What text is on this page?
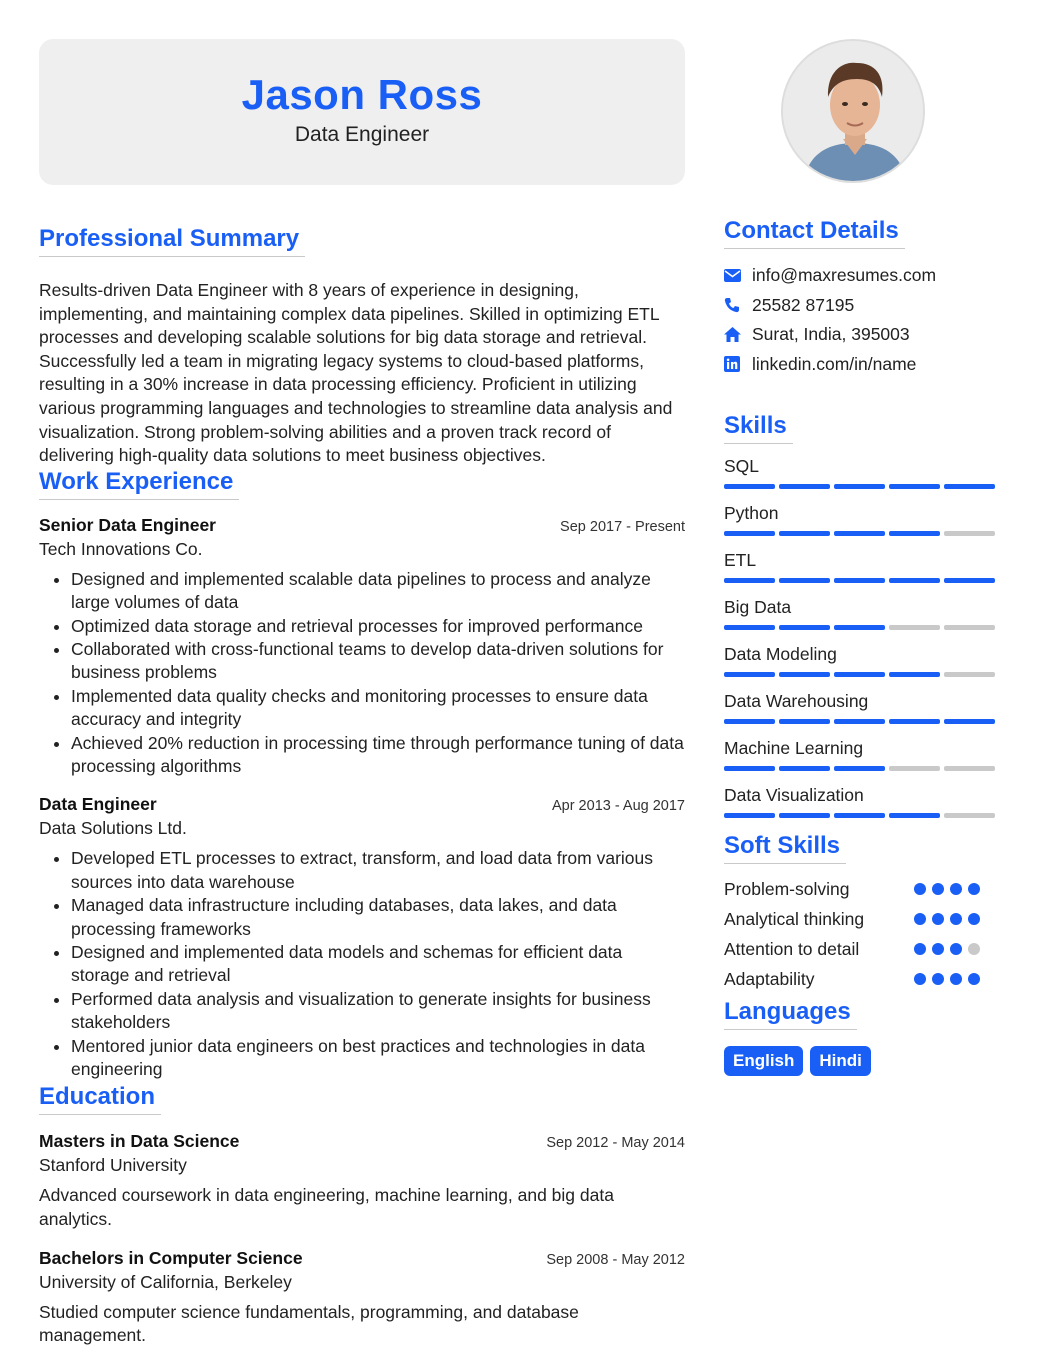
Jason Ross
Data Engineer
Professional Summary
Results-driven Data Engineer with 8 years of experience in designing, implementing, and maintaining complex data pipelines. Skilled in optimizing ETL processes and developing scalable solutions for big data storage and retrieval. Successfully led a team in migrating legacy systems to cloud-based platforms, resulting in a 30% increase in data processing efficiency. Proficient in utilizing various programming languages and technologies to streamline data analysis and visualization. Strong problem-solving abilities and a proven track record of delivering high-quality data solutions to meet business objectives.
Work Experience
Senior Data Engineer	Sep 2017 - Present
Tech Innovations Co.
• Designed and implemented scalable data pipelines to process and analyze large volumes of data
• Optimized data storage and retrieval processes for improved performance
• Collaborated with cross-functional teams to develop data-driven solutions for business problems
• Implemented data quality checks and monitoring processes to ensure data accuracy and integrity
• Achieved 20% reduction in processing time through performance tuning of data processing algorithms
Data Engineer	Apr 2013 - Aug 2017
Data Solutions Ltd.
• Developed ETL processes to extract, transform, and load data from various sources into data warehouse
• Managed data infrastructure including databases, data lakes, and data processing frameworks
• Designed and implemented data models and schemas for efficient data storage and retrieval
• Performed data analysis and visualization to generate insights for business stakeholders
• Mentored junior data engineers on best practices and technologies in data engineering
Education
Masters in Data Science	Sep 2012 - May 2014
Stanford University
Advanced coursework in data engineering, machine learning, and big data analytics.
Bachelors in Computer Science	Sep 2008 - May 2012
University of California, Berkeley
Studied computer science fundamentals, programming, and database management.
Contact Details
info@maxresumes.com
25582 87195
Surat, India, 395003
linkedin.com/in/name
Skills
SQL
Python
ETL
Big Data
Data Modeling
Data Warehousing
Machine Learning
Data Visualization
Soft Skills
Problem-solving
Analytical thinking
Attention to detail
Adaptability
Languages
English	Hindi
